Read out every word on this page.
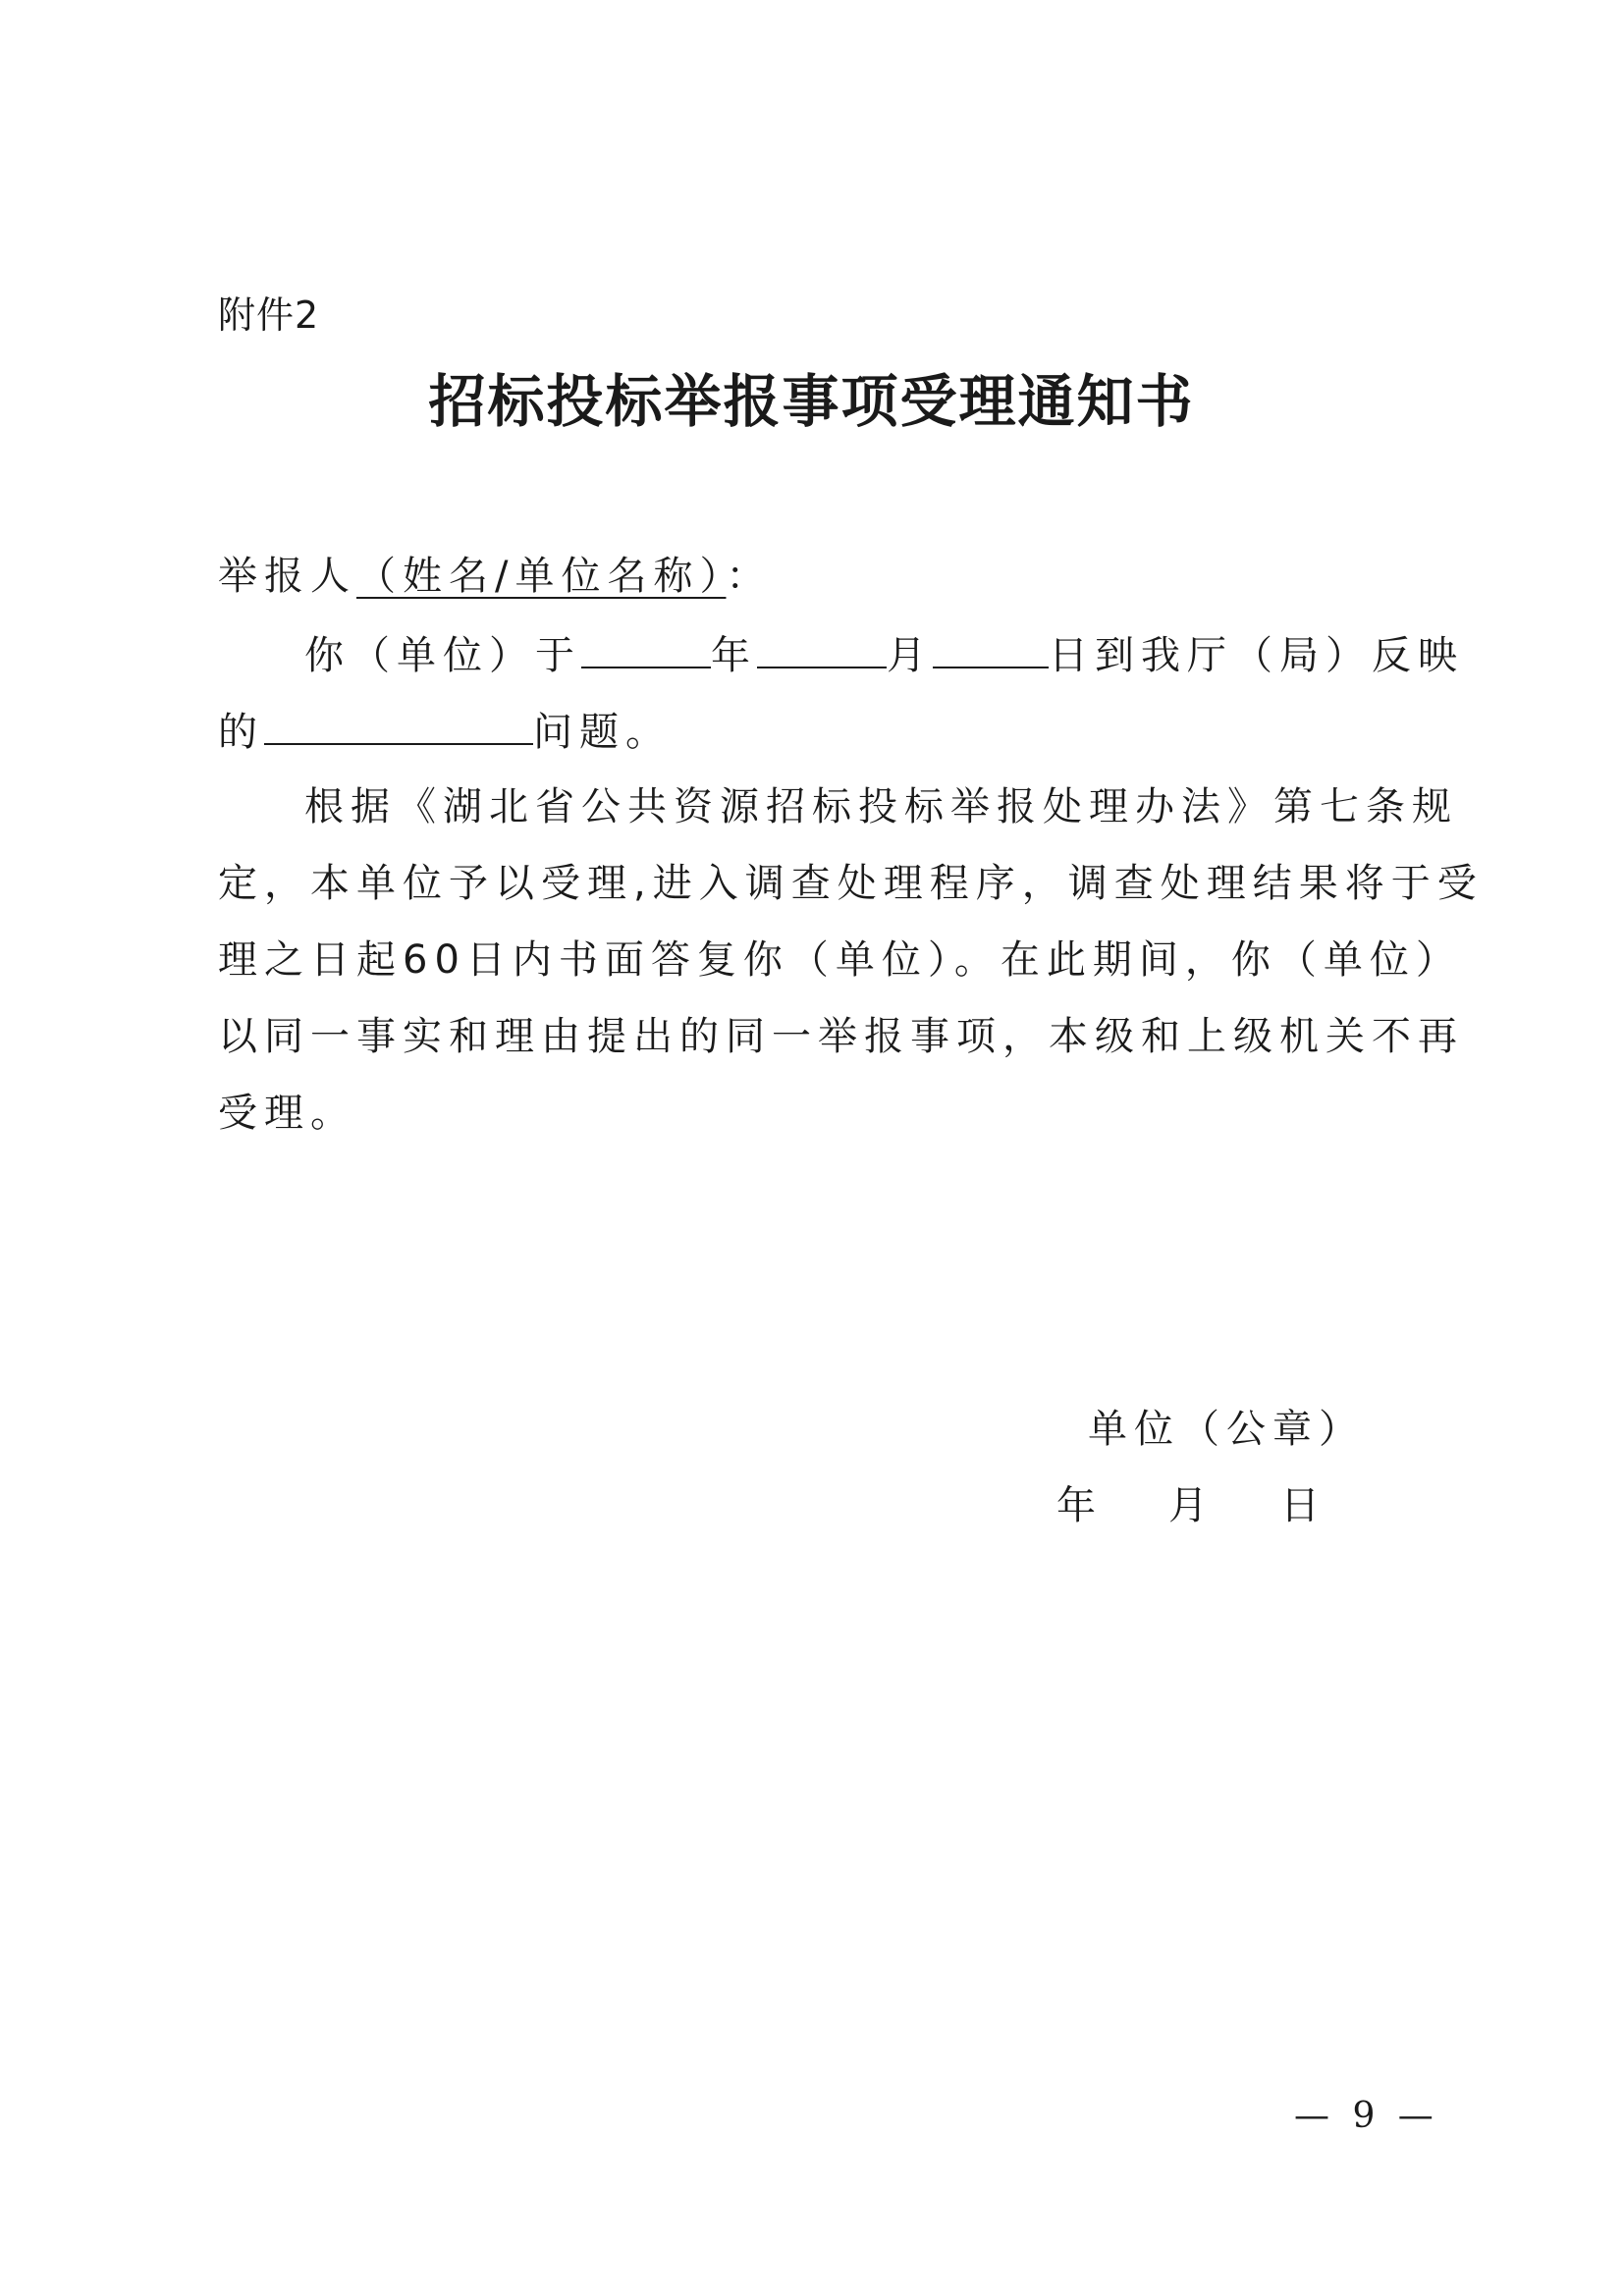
附件2
招标投标举报事项受理通知书
举报人（姓名/单位名称）：
你（单位）于	年	月	日到我厅（局）反映
的	问题。
根据《湖北省公共资源招标投标举报处理办法》第七条规
定，本单位予以受理,进入调查处理程序，调查处理结果将于受
理之日起60日内书面答复你（单位）。在此期间，你（单位）
以同一事实和理由提出的同一举报事项，本级和上级机关不再
受理。
单位（公章）
年 月 日
— 9 —
